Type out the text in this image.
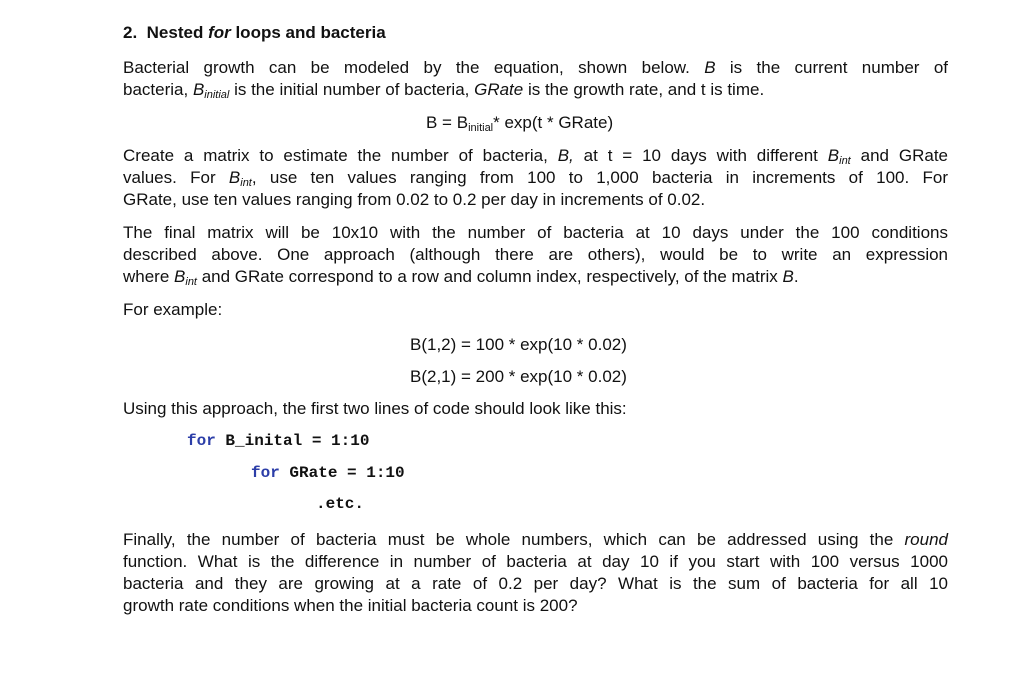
2. Nested for loops and bacteria
Bacterial growth can be modeled by the equation, shown below. B is the current number of
bacteria, $B_{initial}$ is the initial number of bacteria, GRate is the growth rate, and t is time.
$B = B_{initial}*$ exp(t * GRate)
Create a matrix to estimate the number of bacteria, B, at t = 10 days with different $B_{int}$ and GRate
values. For $B_{int}$, use ten values ranging from 100 to 1,000 bacteria in increments of 100. For
GRate, use ten values ranging from 0.02 to 0.2 per day in increments of 0.02.
The final matrix will be 10x10 with the number of bacteria at 10 days under the 100 conditions
described above. One approach (although there are others), would be to write an expression
where $B_{int}$ and GRate correspond to a row and column index, respectively, of the matrix B.
For example:
B(1,2) = 100 * exp(10 * 0.02)
B(2,1) = 200 * exp(10 * 0.02)
Using this approach, the first two lines of code should look like this:
for B_inital = 1:10
for GRate = 1:10
.etc.
Finally, the number of bacteria must be whole numbers, which can be addressed using the round
function. What is the difference in number of bacteria at day 10 if you start with 100 versus 1000
bacteria and they are growing at a rate of 0.2 per day? What is the sum of bacteria for all 10
growth rate conditions when the initial bacteria count is 200?
